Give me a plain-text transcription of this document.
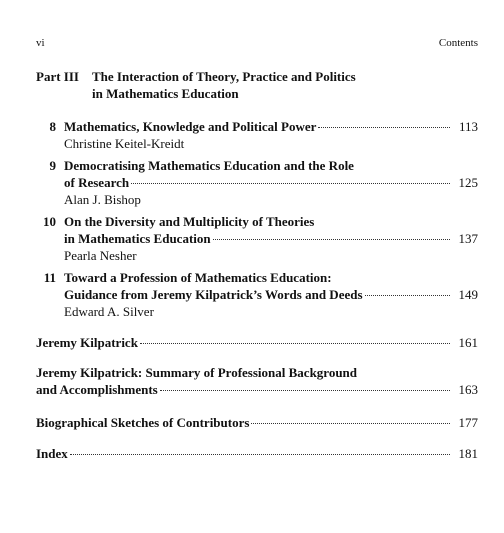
vi	Contents
Part III The Interaction of Theory, Practice and Politics
in Mathematics Education
8 Mathematics, Knowledge and Political Power	113
Christine Keitel-Kreidt
9 Democratising Mathematics Education and the Role
of Research	125
Alan J. Bishop
10 On the Diversity and Multiplicity of Theories
in Mathematics Education	137
Pearla Nesher
11 Toward a Profession of Mathematics Education:
Guidance from Jeremy Kilpatrick’s Words and Deeds	149
Edward A. Silver
Jeremy Kilpatrick	161
Jeremy Kilpatrick: Summary of Professional Background
and Accomplishments	163
Biographical Sketches of Contributors	177
Index	181
